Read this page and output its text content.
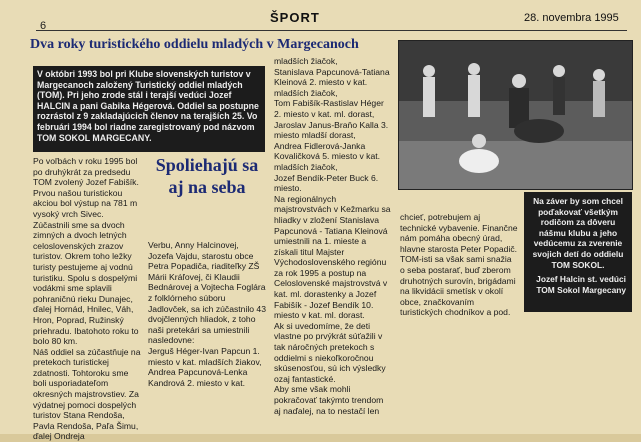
6
ŠPORT	28. novembra 1995
Dva roky turistického oddielu mladých v Margecanoch
V októbri 1993 bol pri Klube slovenských turistov v Margecanoch založený Turistický oddiel mladých (TOM). Pri jeho zrode stál i terajší vedúci Jozef HALCIN a pani Gabika Hégerová. Oddiel sa postupne rozrástol z 9 zakladajúcich členov na terajších 25. Vo februári 1994 bol riadne zaregistrovaný pod názvom TOM SOKOL MARGECANY.
Po voľbách v roku 1995 bol po druhýkrát za predsedu TOM zvolený Jozef Fabišík. Prvou našou turistickou akciou bol výstup na 781 m vysoký vrch Sivec. Zúčastnili sme sa dvoch zimných a dvoch letných celoslovenských zrazov turistov. Okrem toho ležky turisty pestujeme aj vodnú turistiku. Spolu s dospelými vodákmi sme splavili pohraničnú rieku Dunajec, ďalej Hornád, Hnilec, Váh, Hron, Poprad, Ružinský priehradu. Ibatohoto roku to bolo 80 km.
Náš oddiel sa zúčastňuje na pretekoch turistickej zdatnosti. Tohtoroku sme boli usporiadateľom okresných majstrovstiev. Za výdatnej pomoci dospelých turistov Stana Rendoša, Pavla Rendoša, Paľa Šimu, ďalej Ondreja
Spoliehajú sa aj na seba
Verbu, Anny Halcinovej, Jozefa Vajdu, starostu obce Petra Popadiča, riaditeľky ZŠ Márii Kráľovej, či Klaudii Bednárovej a Vojtecha Foglára z folklórneho súboru Jadlovček, sa ich zúčastnilo 43 dvojčlenných hliadok, z toho naši pretekári sa umiestnili nasledovne:
Jerguš Héger-Ivan Papcun 1. miesto v kat. mladších žiakov,
Andrea Papcunová-Lenka Kandrová 2. miesto v kat.
mladších žiačok,
Stanislava Papcunová-Tatiana Kleinová 2. miesto v kat. mladších žiačok,
Tom Fabišík-Rastislav Héger 2. miesto v kat. ml. dorast,
Jaroslav Janus-Braňo Kalla 3. miesto mladší dorast,
Andrea Fidlerová-Janka Kovaličková 5. miesto v kat. mladších žiačok,
Jozef Bendík-Peter Buck 6. miesto.
Na regionálnych majstrovstvách v Kežmarku sa hliadky v zložení Stanislava Papcunová - Tatiana Kleinová umiestnili na 1. mieste a získali titul Majster Východoslovenského regiónu za rok 1995 a postup na Celoslovenské majstrovstvá v kat. ml. dorastenky a Jozef Fabišík - Jozef Bendík 10. miesto v kat. ml. dorast.
Ak si uvedomíme, že deti vlastne po prvýkrát súťažili v tak náročných pretekoch s oddielmi s niekoľkoročnou skúsenosťou, sú ich výsledky ozaj fantastické.
Aby sme však mohli pokračovať takýmto trendom aj naďalej, na to nestačí len
chcieť, potrebujem aj technické vybavenie. Finančne nám pomáha obecný úrad, hlavne starosta Peter Popadič. TOM-isti sa však sami snažia o seba postarať, buď zberom druhotných surovín, brigádami na likvidácii smetísk v okolí obce, značkovaním turistických chodníkov a pod.
Na záver by som chcel poďakovať všetkým rodičom za dôveru nášmu klubu a jeho vedúcemu za zverenie svojich detí do oddielu TOM SOKOL.
Jozef Halcin st. vedúci TOM Sokol Margecany
